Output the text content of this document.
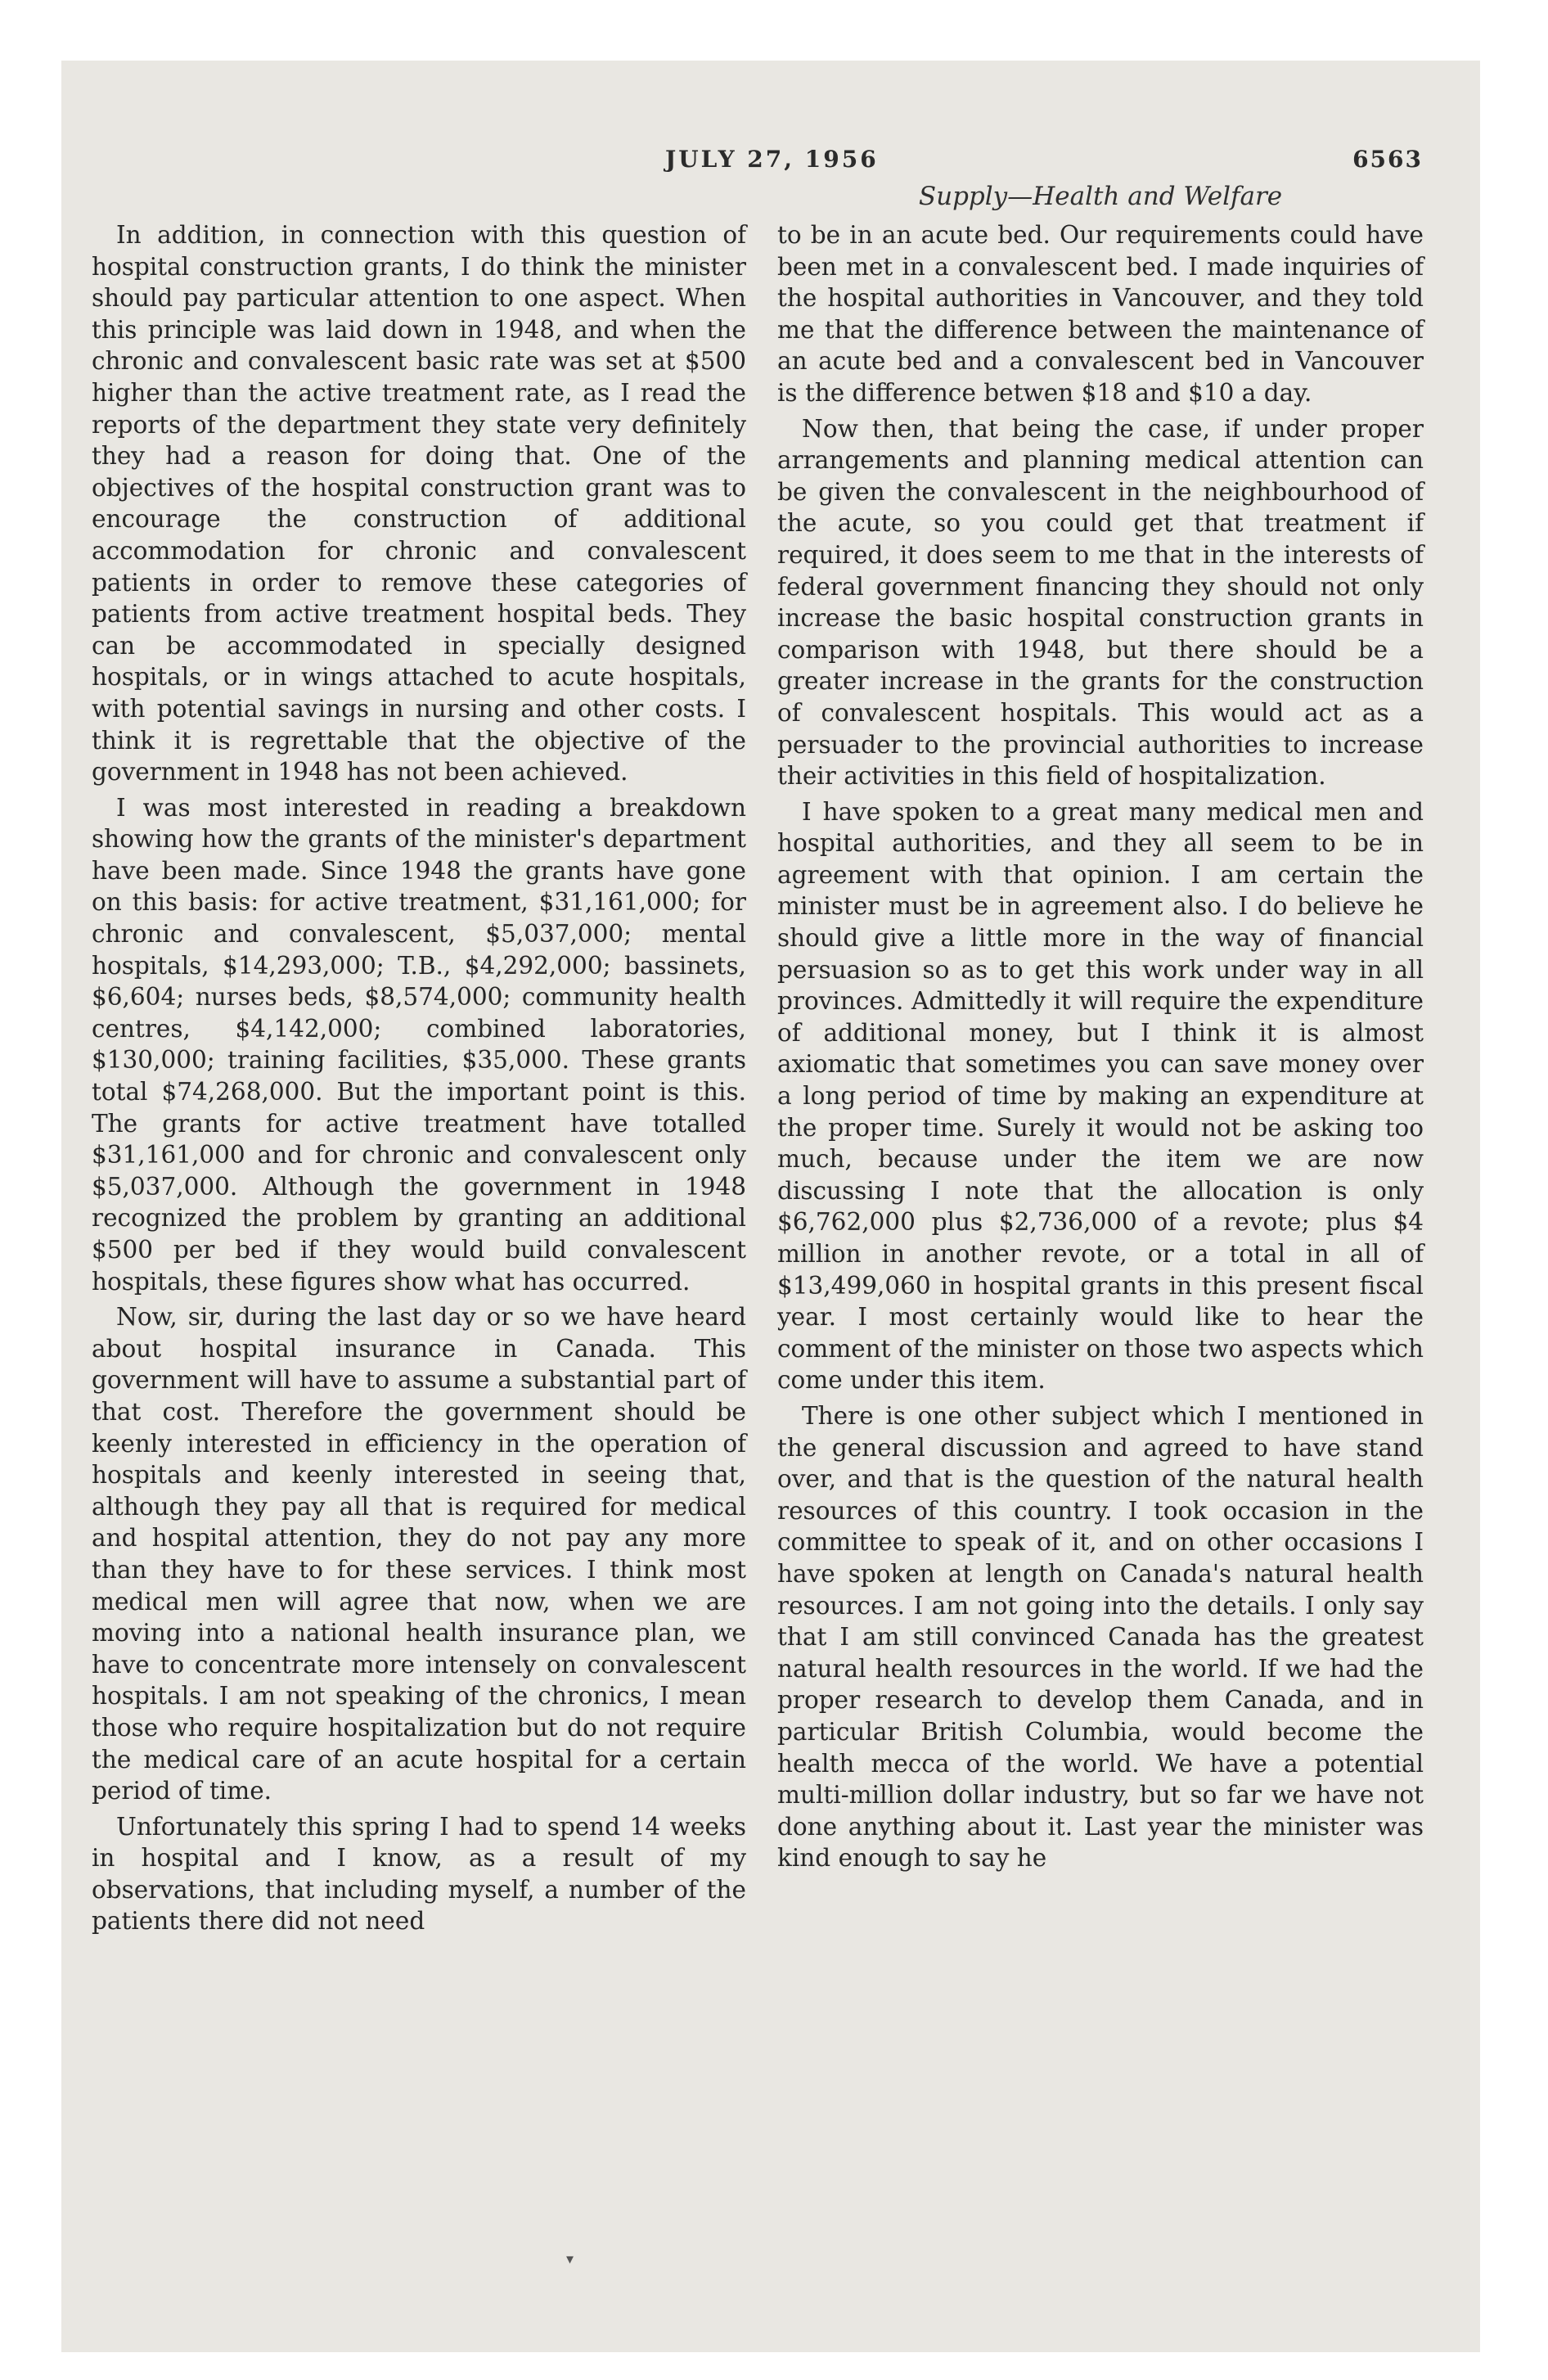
JULY 27, 1956	6563
Supply—Health and Welfare

In addition, in connection with this question of hospital construction grants, I do think the minister should pay particular attention to one aspect. When this principle was laid down in 1948, and when the chronic and convalescent basic rate was set at $500 higher than the active treatment rate, as I read the reports of the department they state very definitely they had a reason for doing that. One of the objectives of the hospital construction grant was to encourage the construction of additional accommodation for chronic and convalescent patients in order to remove these categories of patients from active treatment hospital beds. They can be accommodated in specially designed hospitals, or in wings attached to acute hospitals, with potential savings in nursing and other costs. I think it is regrettable that the objective of the government in 1948 has not been achieved.

I was most interested in reading a breakdown showing how the grants of the minister's department have been made. Since 1948 the grants have gone on this basis: for active treatment, $31,161,000; for chronic and convalescent, $5,037,000; mental hospitals, $14,293,000; T.B., $4,292,000; bassinets, $6,604; nurses beds, $8,574,000; community health centres, $4,142,000; combined laboratories, $130,000; training facilities, $35,000. These grants total $74,268,000. But the important point is this. The grants for active treatment have totalled $31,161,000 and for chronic and convalescent only $5,037,000. Although the government in 1948 recognized the problem by granting an additional $500 per bed if they would build convalescent hospitals, these figures show what has occurred.

Now, sir, during the last day or so we have heard about hospital insurance in Canada. This government will have to assume a substantial part of that cost. Therefore the government should be keenly interested in efficiency in the operation of hospitals and keenly interested in seeing that, although they pay all that is required for medical and hospital attention, they do not pay any more than they have to for these services. I think most medical men will agree that now, when we are moving into a national health insurance plan, we have to concentrate more intensely on convalescent hospitals. I am not speaking of the chronics, I mean those who require hospitalization but do not require the medical care of an acute hospital for a certain period of time.

Unfortunately this spring I had to spend 14 weeks in hospital and I know, as a result of my observations, that including myself, a number of the patients there did not need

to be in an acute bed. Our requirements could have been met in a convalescent bed. I made inquiries of the hospital authorities in Vancouver, and they told me that the difference between the maintenance of an acute bed and a convalescent bed in Vancouver is the difference betwen $18 and $10 a day.

Now then, that being the case, if under proper arrangements and planning medical attention can be given the convalescent in the neighbourhood of the acute, so you could get that treatment if required, it does seem to me that in the interests of federal government financing they should not only increase the basic hospital construction grants in comparison with 1948, but there should be a greater increase in the grants for the construction of convalescent hospitals. This would act as a persuader to the provincial authorities to increase their activities in this field of hospitalization.

I have spoken to a great many medical men and hospital authorities, and they all seem to be in agreement with that opinion. I am certain the minister must be in agreement also. I do believe he should give a little more in the way of financial persuasion so as to get this work under way in all provinces. Admittedly it will require the expenditure of additional money, but I think it is almost axiomatic that sometimes you can save money over a long period of time by making an expenditure at the proper time. Surely it would not be asking too much, because under the item we are now discussing I note that the allocation is only $6,762,000 plus $2,736,000 of a revote; plus $4 million in another revote, or a total in all of $13,499,060 in hospital grants in this present fiscal year. I most certainly would like to hear the comment of the minister on those two aspects which come under this item.

There is one other subject which I mentioned in the general discussion and agreed to have stand over, and that is the question of the natural health resources of this country. I took occasion in the committee to speak of it, and on other occasions I have spoken at length on Canada's natural health resources. I am not going into the details. I only say that I am still convinced Canada has the greatest natural health resources in the world. If we had the proper research to develop them Canada, and in particular British Columbia, would become the health mecca of the world. We have a potential multi-million dollar industry, but so far we have not done anything about it. Last year the minister was kind enough to say he

▾
